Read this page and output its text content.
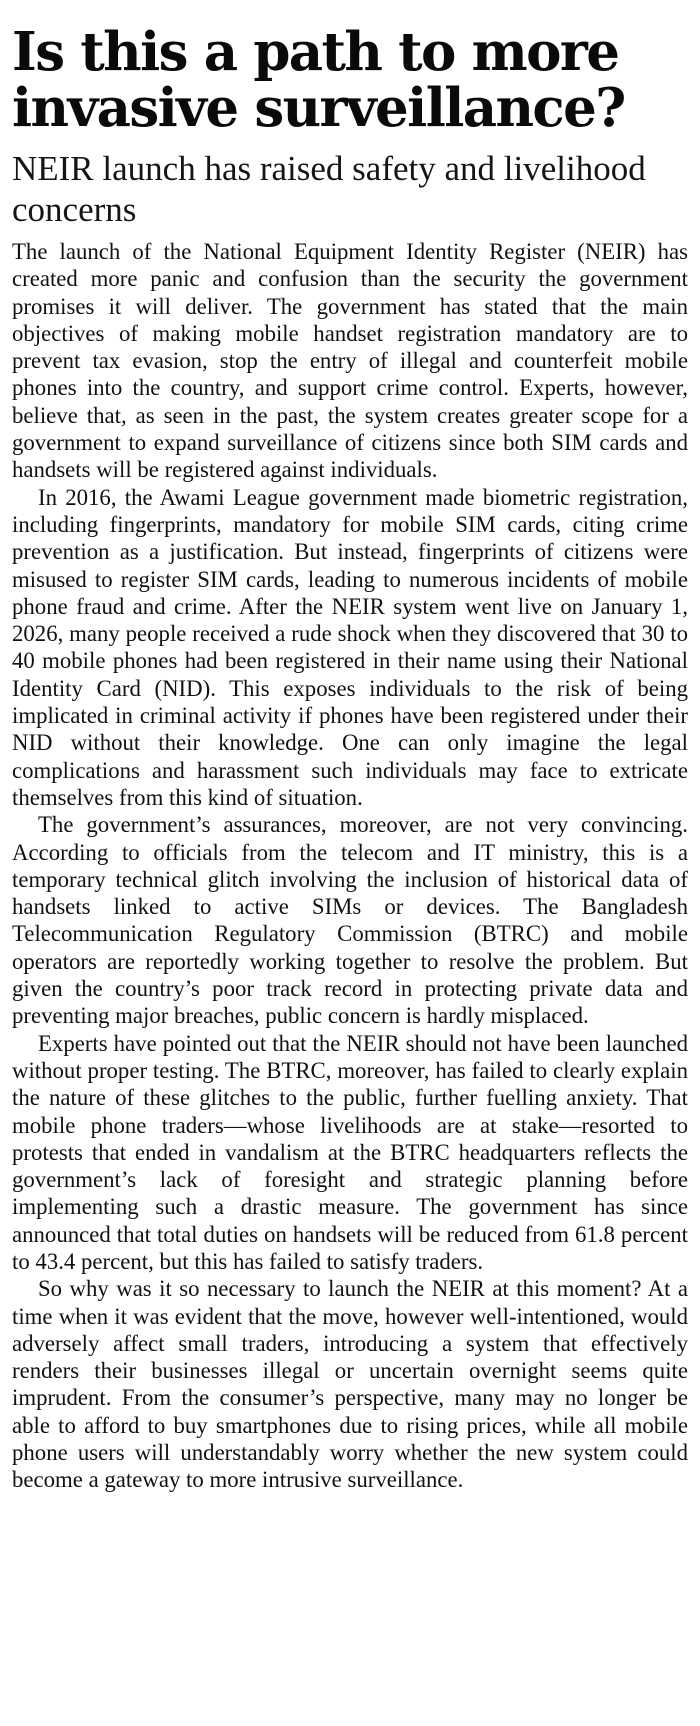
Is this a path to more invasive surveillance?
NEIR launch has raised safety and livelihood concerns

The launch of the National Equipment Identity Register (NEIR) has created more panic and confusion than the security the government promises it will deliver. The government has stated that the main objectives of making mobile handset registration mandatory are to prevent tax evasion, stop the entry of illegal and counterfeit mobile phones into the country, and support crime control. Experts, however, believe that, as seen in the past, the system creates greater scope for a government to expand surveillance of citizens since both SIM cards and handsets will be registered against individuals.

In 2016, the Awami League government made biometric registration, including fingerprints, mandatory for mobile SIM cards, citing crime prevention as a justification. But instead, fingerprints of citizens were misused to register SIM cards, leading to numerous incidents of mobile phone fraud and crime. After the NEIR system went live on January 1, 2026, many people received a rude shock when they discovered that 30 to 40 mobile phones had been registered in their name using their National Identity Card (NID). This exposes individuals to the risk of being implicated in criminal activity if phones have been registered under their NID without their knowledge. One can only imagine the legal complications and harassment such individuals may face to extricate themselves from this kind of situation.

The government’s assurances, moreover, are not very convincing. According to officials from the telecom and IT ministry, this is a temporary technical glitch involving the inclusion of historical data of handsets linked to active SIMs or devices. The Bangladesh Telecommunication Regulatory Commission (BTRC) and mobile operators are reportedly working together to resolve the problem. But given the country’s poor track record in protecting private data and preventing major breaches, public concern is hardly misplaced.

Experts have pointed out that the NEIR should not have been launched without proper testing. The BTRC, moreover, has failed to clearly explain the nature of these glitches to the public, further fuelling anxiety. That mobile phone traders—whose livelihoods are at stake—resorted to protests that ended in vandalism at the BTRC headquarters reflects the government’s lack of foresight and strategic planning before implementing such a drastic measure. The government has since announced that total duties on handsets will be reduced from 61.8 percent to 43.4 percent, but this has failed to satisfy traders.

So why was it so necessary to launch the NEIR at this moment? At a time when it was evident that the move, however well-intentioned, would adversely affect small traders, introducing a system that effectively renders their businesses illegal or uncertain overnight seems quite imprudent. From the consumer’s perspective, many may no longer be able to afford to buy smartphones due to rising prices, while all mobile phone users will understandably worry whether the new system could become a gateway to more intrusive surveillance.
